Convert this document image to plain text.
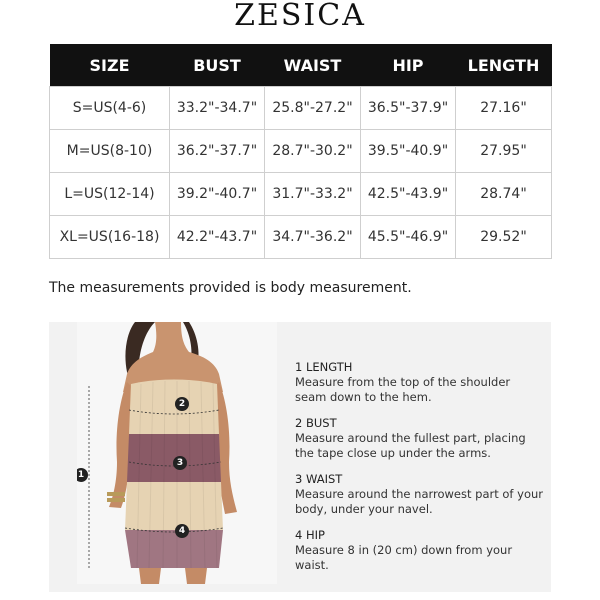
ZESICA
SIZE	BUST	WAIST	HIP	LENGTH
S=US(4-6)	33.2"-34.7"	25.8"-27.2"	36.5"-37.9"	27.16"
M=US(8-10)	36.2"-37.7"	28.7"-30.2"	39.5"-40.9"	27.95"
L=US(12-14)	39.2"-40.7"	31.7"-33.2"	42.5"-43.9"	28.74"
XL=US(16-18)	42.2"-43.7"	34.7"-36.2"	45.5"-46.9"	29.52"
The measurements provided is body measurement.
1
2
3
4
1 LENGTH
Measure from the top of the shoulder seam down to the hem.
2 BUST
Measure around the fullest part, placing the tape close up under the arms.
3 WAIST
Measure around the narrowest part of your body, under your navel.
4 HIP
Measure 8 in (20 cm) down from your waist.
